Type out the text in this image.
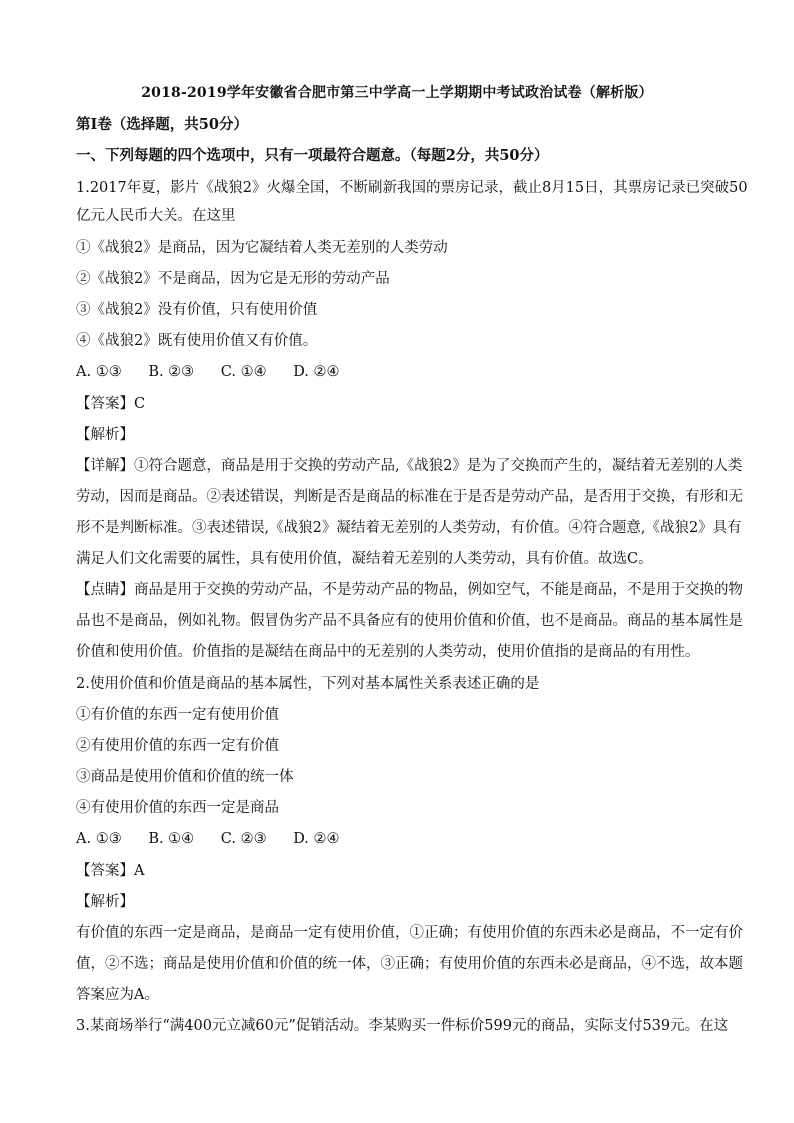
2018-2019学年安徽省合肥市第三中学高一上学期期中考试政治试卷（解析版）
第I卷（选择题，共50分）
一、下列每题的四个选项中，只有一项最符合题意。（每题2分，共50分）
1.2017年夏，影片《战狼2》火爆全国，不断刷新我国的票房记录，截止8月15日，其票房记录已突破50
亿元人民币大关。在这里
①《战狼2》是商品，因为它凝结着人类无差别的人类劳动
②《战狼2》不是商品，因为它是无形的劳动产品
③《战狼2》没有价值，只有使用价值
④《战狼2》既有使用价值又有价值。
A. ①③ B. ②③ C. ①④ D. ②④
【答案】C
【解析】
【详解】①符合题意，商品是用于交换的劳动产品,《战狼2》是为了交换而产生的，凝结着无差别的人类
劳动，因而是商品。②表述错误，判断是否是商品的标准在于是否是劳动产品，是否用于交换，有形和无
形不是判断标准。③表述错误,《战狼2》凝结着无差别的人类劳动，有价值。④符合题意,《战狼2》具有
满足人们文化需要的属性，具有使用价值，凝结着无差别的人类劳动，具有价值。故选C。
【点睛】商品是用于交换的劳动产品，不是劳动产品的物品，例如空气，不能是商品，不是用于交换的物
品也不是商品，例如礼物。假冒伪劣产品不具备应有的使用价值和价值，也不是商品。商品的基本属性是
价值和使用价值。价值指的是凝结在商品中的无差别的人类劳动，使用价值指的是商品的有用性。
2.使用价值和价值是商品的基本属性，下列对基本属性关系表述正确的是
①有价值的东西一定有使用价值
②有使用价值的东西一定有价值
③商品是使用价值和价值的统一体
④有使用价值的东西一定是商品
A. ①③ B. ①④ C. ②③ D. ②④
【答案】A
【解析】
有价值的东西一定是商品，是商品一定有使用价值，①正确；有使用价值的东西未必是商品，不一定有价
值，②不选；商品是使用价值和价值的统一体，③正确；有使用价值的东西未必是商品，④不选，故本题
答案应为A。
3.某商场举行“满400元立减60元”促销活动。李某购买一件标价599元的商品，实际支付539元。在这
